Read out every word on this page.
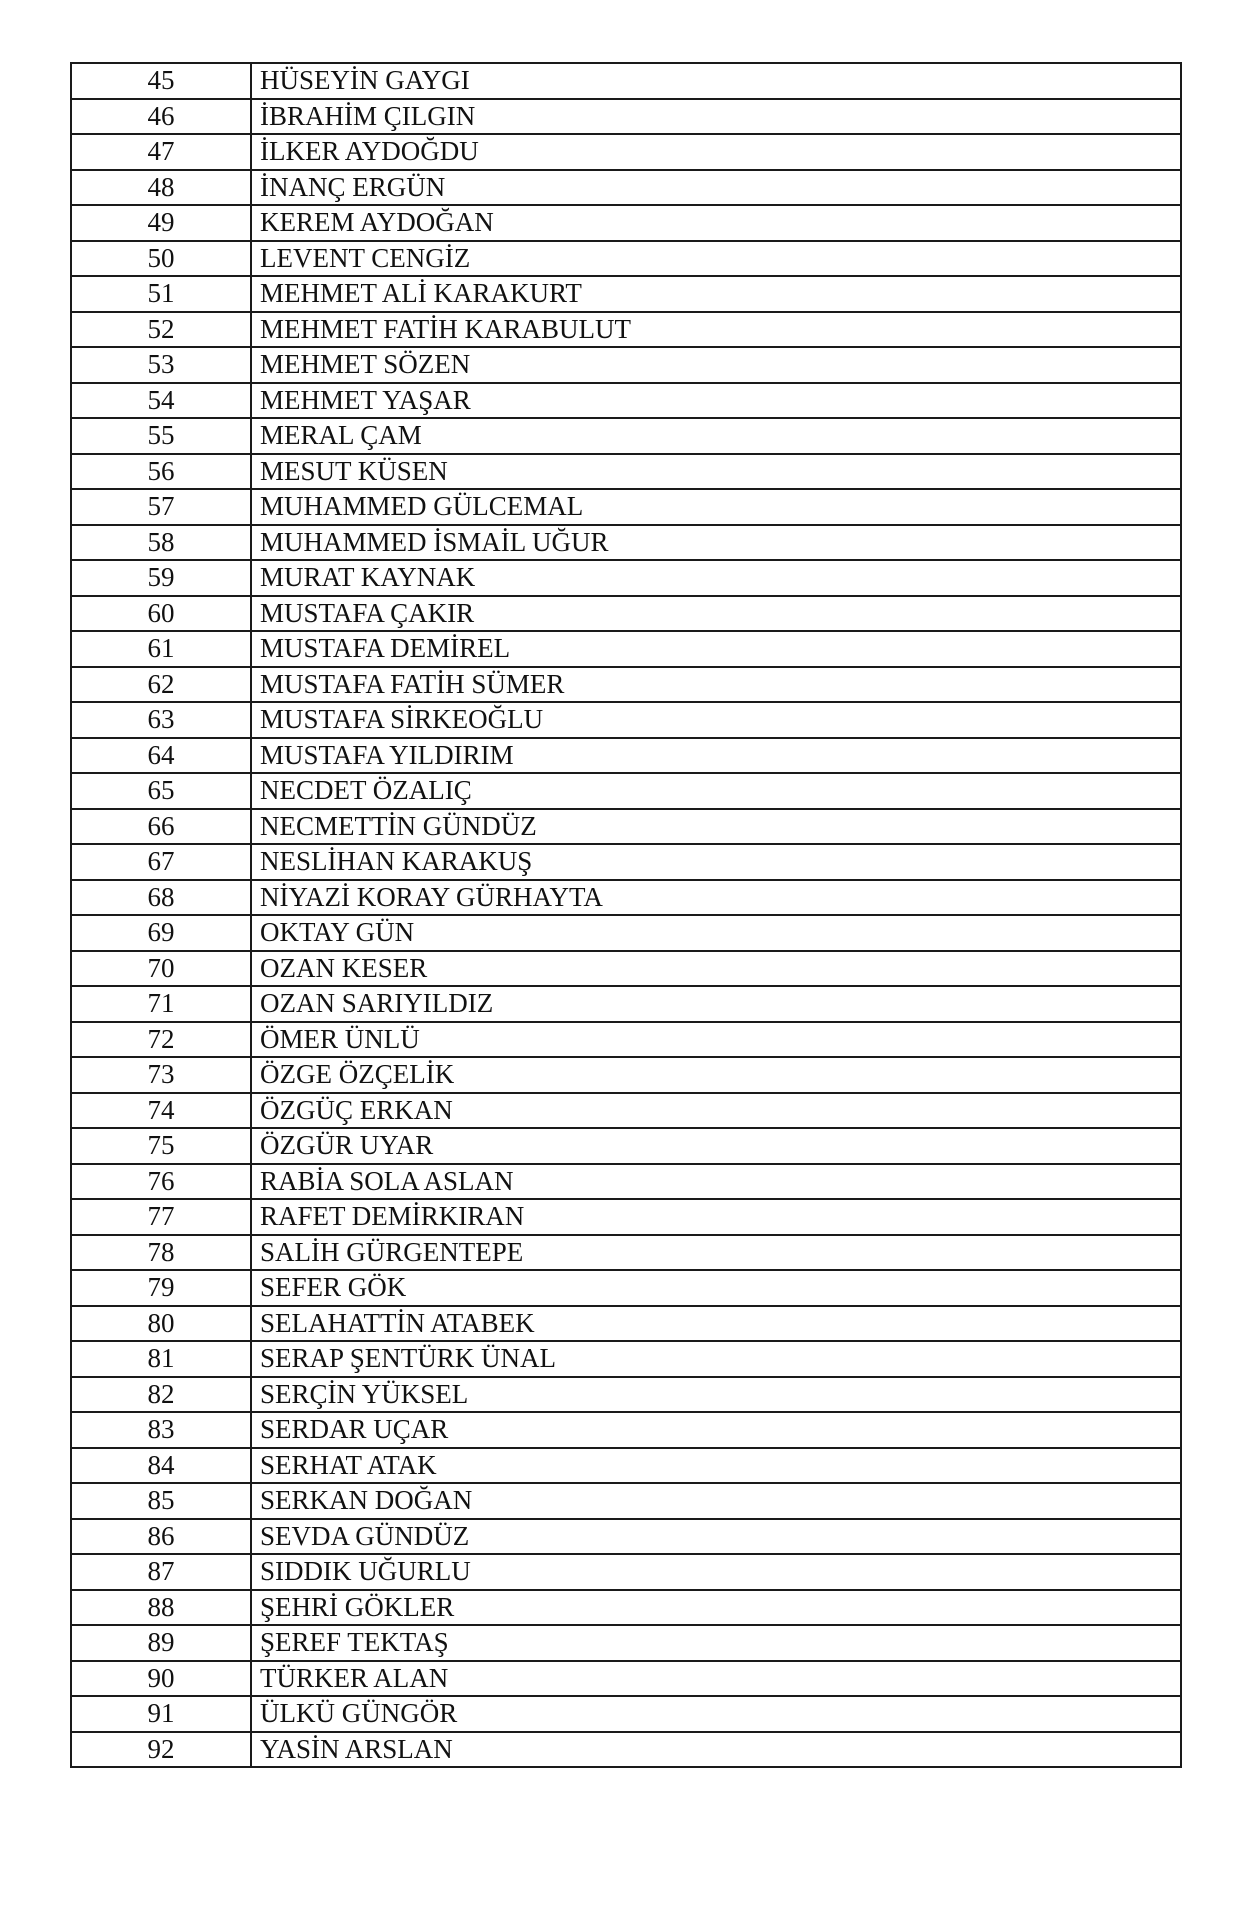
45	HÜSEYİN GAYGI
46	İBRAHİM ÇILGIN
47	İLKER AYDOĞDU
48	İNANÇ ERGÜN
49	KEREM AYDOĞAN
50	LEVENT CENGİZ
51	MEHMET ALİ KARAKURT
52	MEHMET FATİH KARABULUT
53	MEHMET SÖZEN
54	MEHMET YAŞAR
55	MERAL ÇAM
56	MESUT KÜSEN
57	MUHAMMED GÜLCEMAL
58	MUHAMMED İSMAİL UĞUR
59	MURAT KAYNAK
60	MUSTAFA ÇAKIR
61	MUSTAFA DEMİREL
62	MUSTAFA FATİH SÜMER
63	MUSTAFA SİRKEOĞLU
64	MUSTAFA YILDIRIM
65	NECDET ÖZALIÇ
66	NECMETTİN GÜNDÜZ
67	NESLİHAN KARAKUŞ
68	NİYAZİ KORAY GÜRHAYTA
69	OKTAY GÜN
70	OZAN KESER
71	OZAN SARIYILDIZ
72	ÖMER ÜNLÜ
73	ÖZGE ÖZÇELİK
74	ÖZGÜÇ ERKAN
75	ÖZGÜR UYAR
76	RABİA SOLA ASLAN
77	RAFET DEMİRKIRAN
78	SALİH GÜRGENTEPE
79	SEFER GÖK
80	SELAHATTİN ATABEK
81	SERAP ŞENTÜRK ÜNAL
82	SERÇİN YÜKSEL
83	SERDAR UÇAR
84	SERHAT ATAK
85	SERKAN DOĞAN
86	SEVDA GÜNDÜZ
87	SIDDIK UĞURLU
88	ŞEHRİ GÖKLER
89	ŞEREF TEKTAŞ
90	TÜRKER ALAN
91	ÜLKÜ GÜNGÖR
92	YASİN ARSLAN
